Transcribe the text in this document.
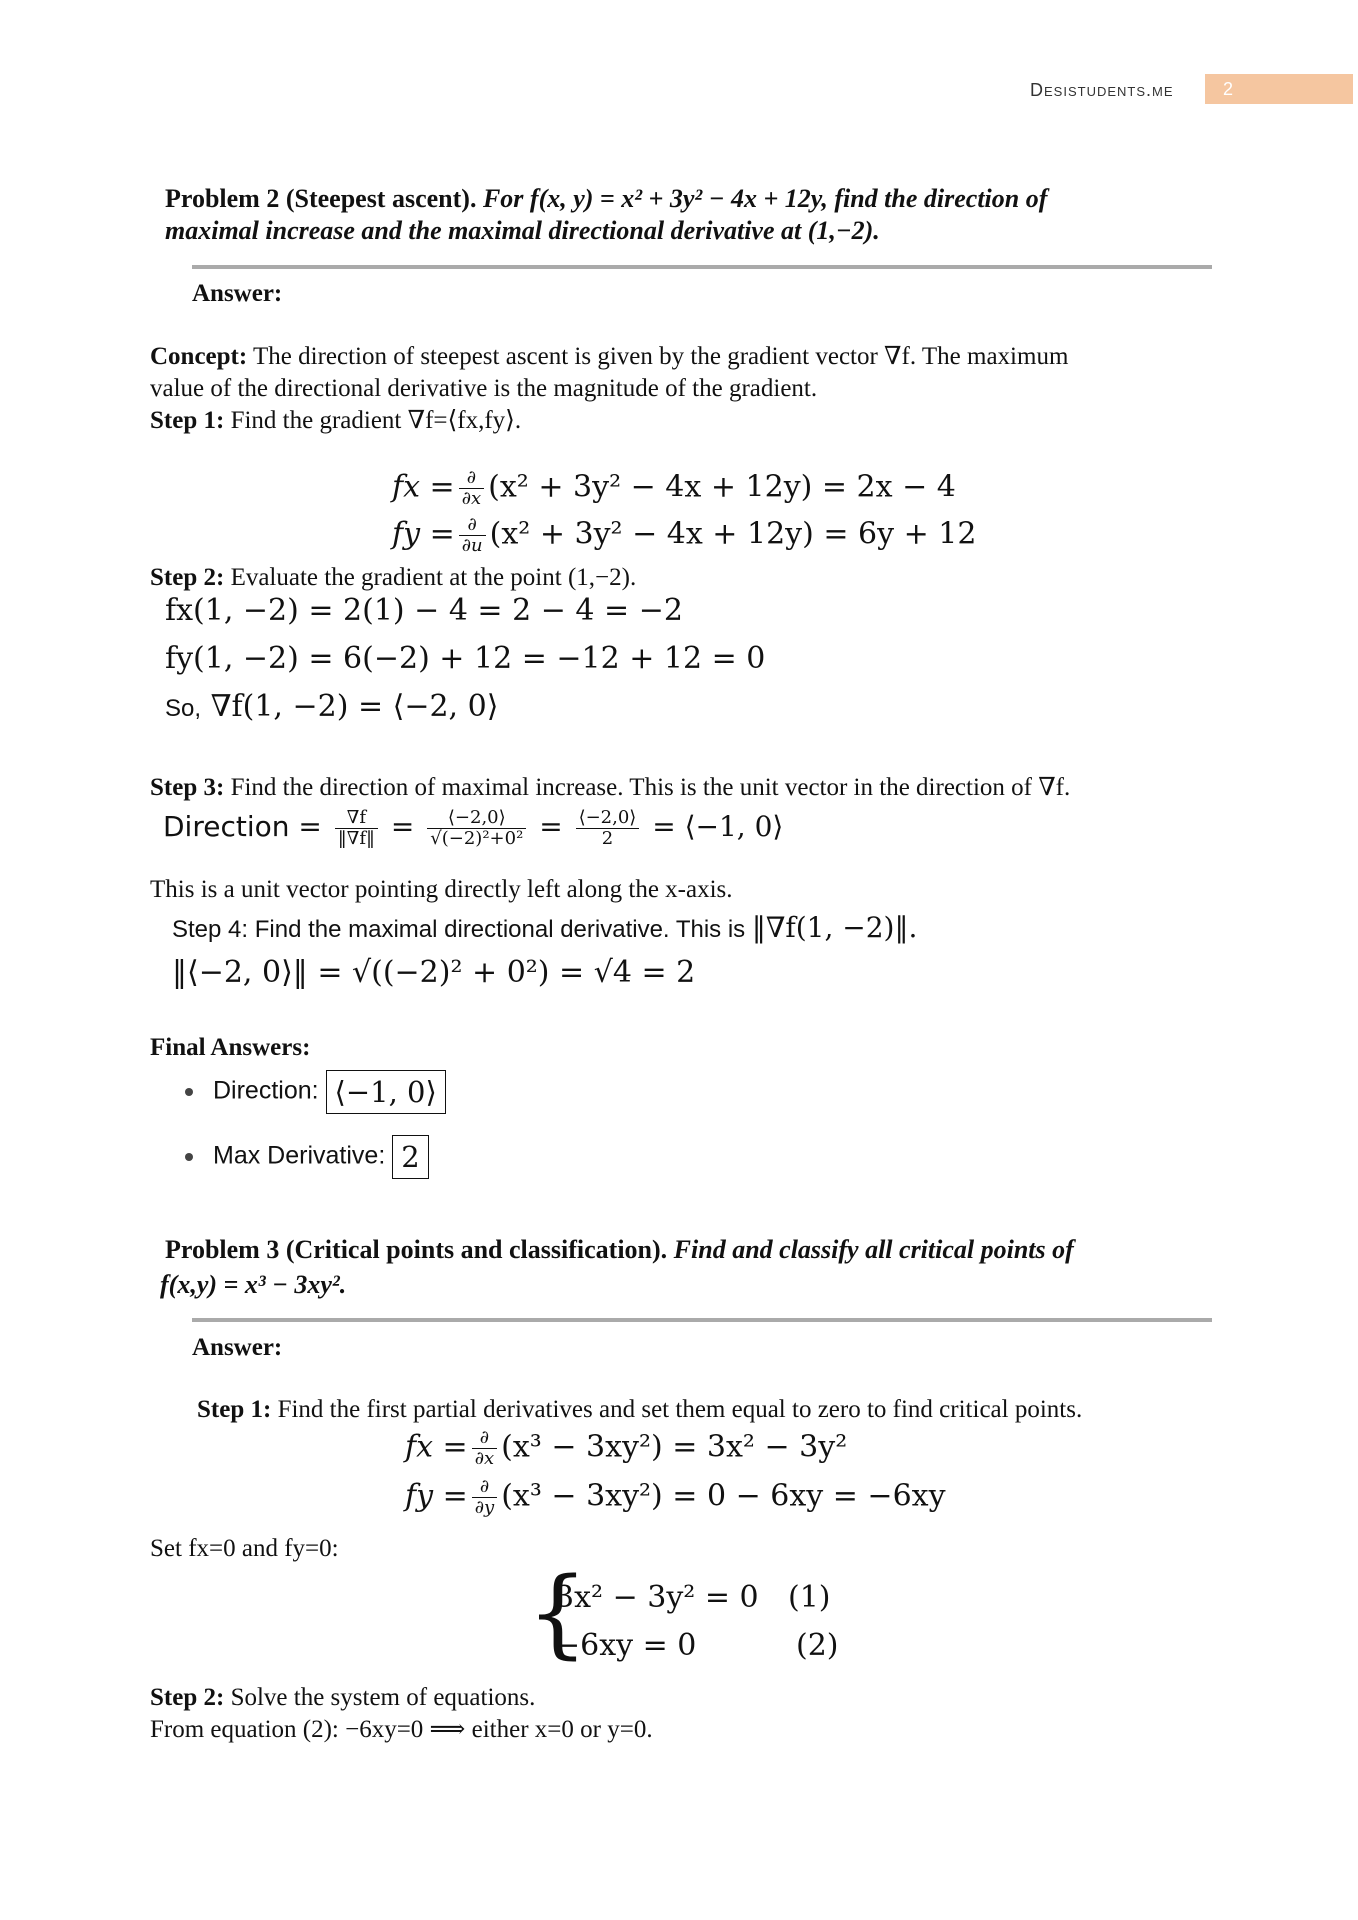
Desistudents.me	2
Problem 2 (Steepest ascent). For f(x, y) = x² + 3y² − 4x + 12y, find the direction of
maximal increase and the maximal directional derivative at (1,−2).
Answer:
Concept: The direction of steepest ascent is given by the gradient vector ∇f. The maximum
value of the directional derivative is the magnitude of the gradient.
Step 1: Find the gradient ∇f=⟨fx,fy⟩.
fx = $\frac{\partial}{\partial x} (x^2 + 3y^2 - 4x + 12y) = 2x - 4$
fy = $\frac{\partial}{\partial u} (x^2 + 3y^2 - 4x + 12y) = 6y + 12$
Step 2: Evaluate the gradient at the point (1,−2).
fx(1, −2) = 2(1) − 4 = 2 − 4 = −2
fy(1, −2) = 6(−2) + 12 = −12 + 12 = 0
So, ∇f(1, −2) = ⟨−2, 0⟩
Step 3: Find the direction of maximal increase. This is the unit vector in the direction of ∇f.
Direction = $\frac{\nabla f}{‖\nabla f‖} = \frac{⟨-2,0⟩}{\text{√(−2)²+0²}} = \frac{⟨-2,0⟩}{2}$ = ⟨−1, 0⟩
This is a unit vector pointing directly left along the x-axis.
Step 4: Find the maximal directional derivative. This is ‖∇f(1, −2)‖.
‖⟨−2, 0⟩‖ = √((−2)² + 0²) = √4 = 2
Final Answers:
Direction: ⟨−1, 0⟩
Max Derivative: 2
Problem 3 (Critical points and classification). Find and classify all critical points of
f(x,y) = x³ − 3xy².
Answer:
Step 1: Find the first partial derivatives and set them equal to zero to find critical points.
fx = $\frac{\partial}{\partial x} (x^3 - 3xy^2) = 3x^2 - 3y^2$
fy = $\frac{\partial}{\partial y} (x^3 - 3xy^2) = 0 - 6xy = -6xy$
Set fx=0 and fy=0:
{
3x² − 3y² = 0 (1)
−6xy = 0	(2)
Step 2: Solve the system of equations.
From equation (2): −6xy=0 ⟹ either x=0 or y=0.
